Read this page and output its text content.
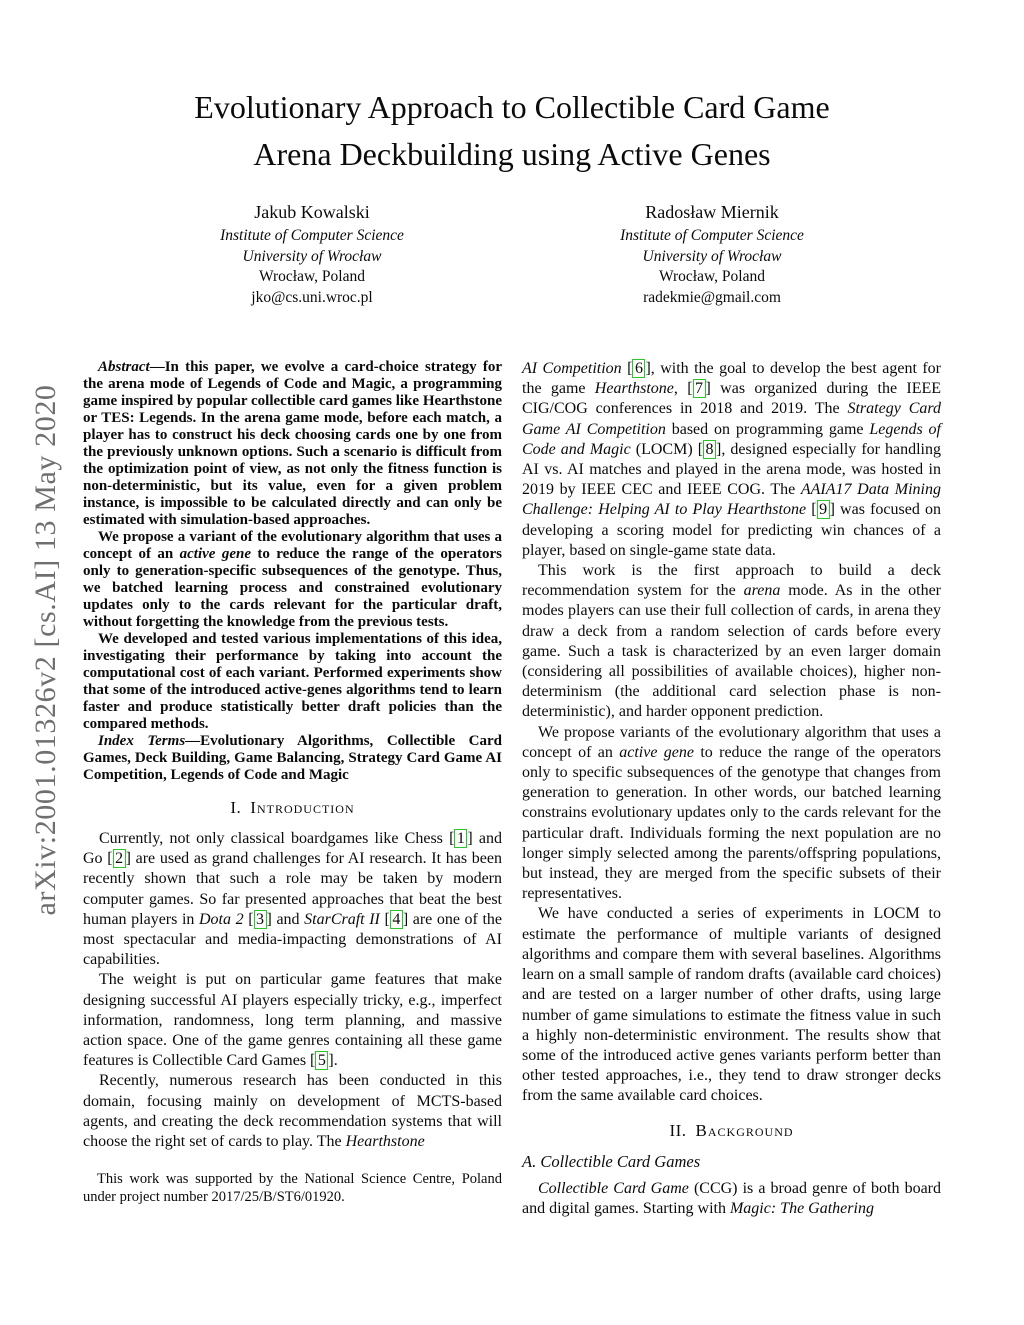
arXiv:2001.01326v2 [cs.AI] 13 May 2020
Evolutionary Approach to Collectible Card Game
Arena Deckbuilding using Active Genes
Jakub Kowalski
Institute of Computer Science
University of Wrocław
Wrocław, Poland
jko@cs.uni.wroc.pl
Radosław Miernik
Institute of Computer Science
University of Wrocław
Wrocław, Poland
radekmie@gmail.com

Abstract—In this paper, we evolve a card-choice strategy for the arena mode of Legends of Code and Magic, a programming game inspired by popular collectible card games like Hearthstone or TES: Legends. In the arena game mode, before each match, a player has to construct his deck choosing cards one by one from the previously unknown options. Such a scenario is difficult from the optimization point of view, as not only the fitness function is non-deterministic, but its value, even for a given problem instance, is impossible to be calculated directly and can only be estimated with simulation-based approaches.

We propose a variant of the evolutionary algorithm that uses a concept of an active gene to reduce the range of the operators only to generation-specific subsequences of the genotype. Thus, we batched learning process and constrained evolutionary updates only to the cards relevant for the particular draft, without forgetting the knowledge from the previous tests.

We developed and tested various implementations of this idea, investigating their performance by taking into account the computational cost of each variant. Performed experiments show that some of the introduced active-genes algorithms tend to learn faster and produce statistically better draft policies than the compared methods.

Index Terms—Evolutionary Algorithms, Collectible Card Games, Deck Building, Game Balancing, Strategy Card Game AI Competition, Legends of Code and Magic

I. Introduction

Currently, not only classical boardgames like Chess [ 1 ] and Go [ 2 ] are used as grand challenges for AI research. It has been recently shown that such a role may be taken by modern computer games. So far presented approaches that beat the best human players in Dota 2 [ 3 ] and StarCraft II [ 4 ] are one of the most spectacular and media-impacting demonstrations of AI capabilities.

The weight is put on particular game features that make designing successful AI players especially tricky, e.g., imperfect information, randomness, long term planning, and massive action space. One of the game genres containing all these game features is Collectible Card Games [ 5 ].

Recently, numerous research has been conducted in this domain, focusing mainly on development of MCTS-based agents, and creating the deck recommendation systems that will choose the right set of cards to play. The Hearthstone

AI Competition [ 6 ], with the goal to develop the best agent for the game Hearthstone, [ 7 ] was organized during the IEEE CIG/COG conferences in 2018 and 2019. The Strategy Card Game AI Competition based on programming game Legends of Code and Magic (LOCM) [ 8 ], designed especially for handling AI vs. AI matches and played in the arena mode, was hosted in 2019 by IEEE CEC and IEEE COG. The AAIA17 Data Mining Challenge: Helping AI to Play Hearthstone [ 9 ] was focused on developing a scoring model for predicting win chances of a player, based on single-game state data.

This work is the first approach to build a deck recommendation system for the arena mode. As in the other modes players can use their full collection of cards, in arena they draw a deck from a random selection of cards before every game. Such a task is characterized by an even larger domain (considering all possibilities of available choices), higher non-determinism (the additional card selection phase is non-deterministic), and harder opponent prediction.

We propose variants of the evolutionary algorithm that uses a concept of an active gene to reduce the range of the operators only to specific subsequences of the genotype that changes from generation to generation. In other words, our batched learning constrains evolutionary updates only to the cards relevant for the particular draft. Individuals forming the next population are no longer simply selected among the parents/offspring populations, but instead, they are merged from the specific subsets of their representatives.

We have conducted a series of experiments in LOCM to estimate the performance of multiple variants of designed algorithms and compare them with several baselines. Algorithms learn on a small sample of random drafts (available card choices) and are tested on a larger number of other drafts, using large number of game simulations to estimate the fitness value in such a highly non-deterministic environment. The results show that some of the introduced active genes variants perform better than other tested approaches, i.e., they tend to draw stronger decks from the same available card choices.

II. Background
A. Collectible Card Games

Collectible Card Game (CCG) is a broad genre of both board and digital games. Starting with Magic: The Gathering

This work was supported by the National Science Centre, Poland under project number 2017/25/B/ST6/01920.
